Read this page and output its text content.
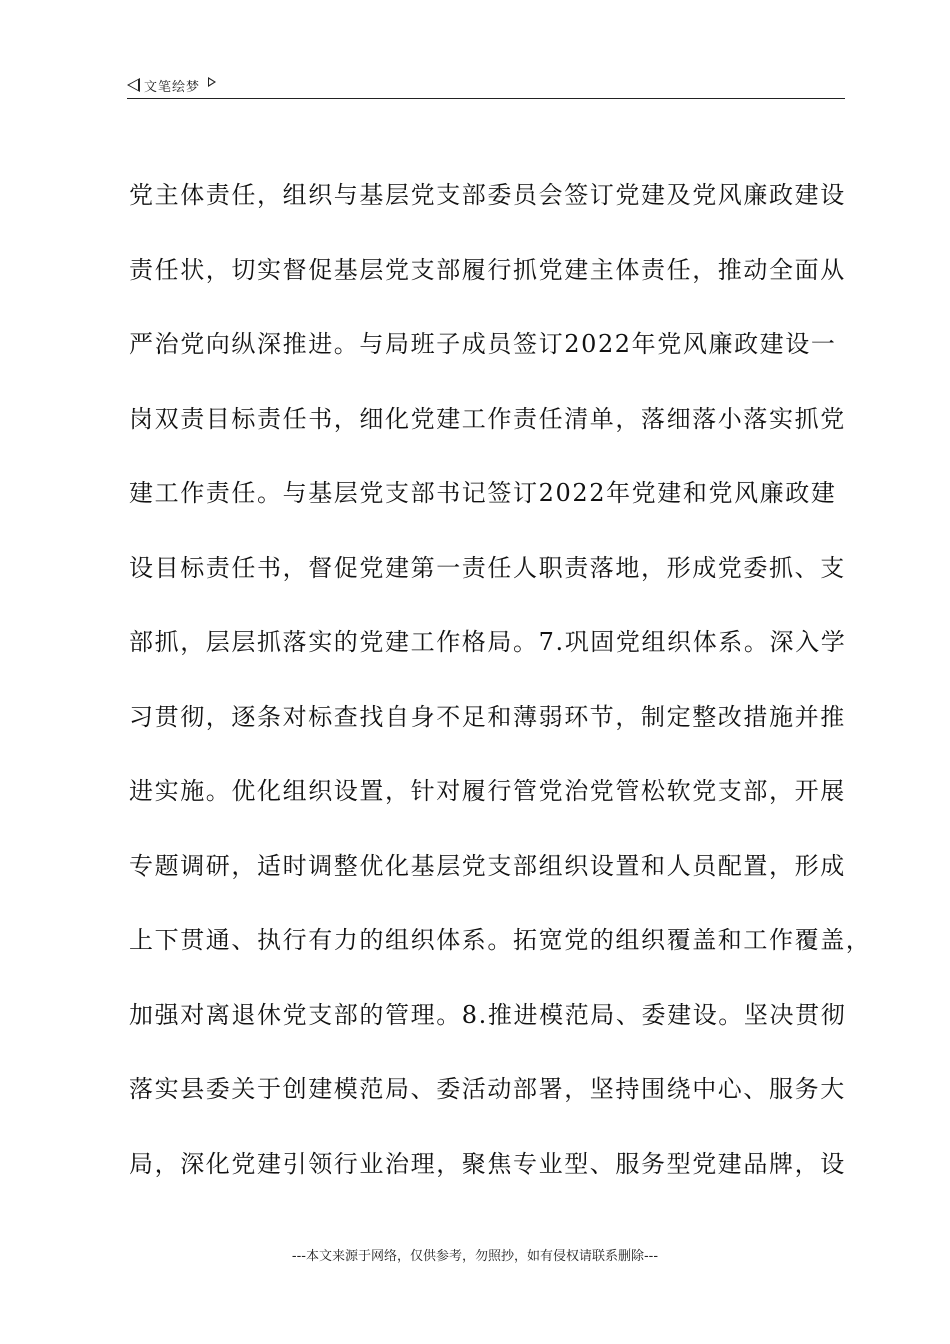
文笔绘梦
党主体责任，组织与基层党支部委员会签订党建及党风廉政建设
责任状，切实督促基层党支部履行抓党建主体责任，推动全面从
严治党向纵深推进。与局班子成员签订2022年党风廉政建设一
岗双责目标责任书，细化党建工作责任清单，落细落小落实抓党
建工作责任。与基层党支部书记签订2022年党建和党风廉政建
设目标责任书，督促党建第一责任人职责落地，形成党委抓、支
部抓，层层抓落实的党建工作格局。7.巩固党组织体系。深入学
习贯彻，逐条对标查找自身不足和薄弱环节，制定整改措施并推
进实施。优化组织设置，针对履行管党治党管松软党支部，开展
专题调研，适时调整优化基层党支部组织设置和人员配置，形成
上下贯通、执行有力的组织体系。拓宽党的组织覆盖和工作覆盖，
加强对离退休党支部的管理。8.推进模范局、委建设。坚决贯彻
落实县委关于创建模范局、委活动部署，坚持围绕中心、服务大
局，深化党建引领行业治理，聚焦专业型、服务型党建品牌，设
---本文来源于网络，仅供参考，勿照抄，如有侵权请联系删除---
